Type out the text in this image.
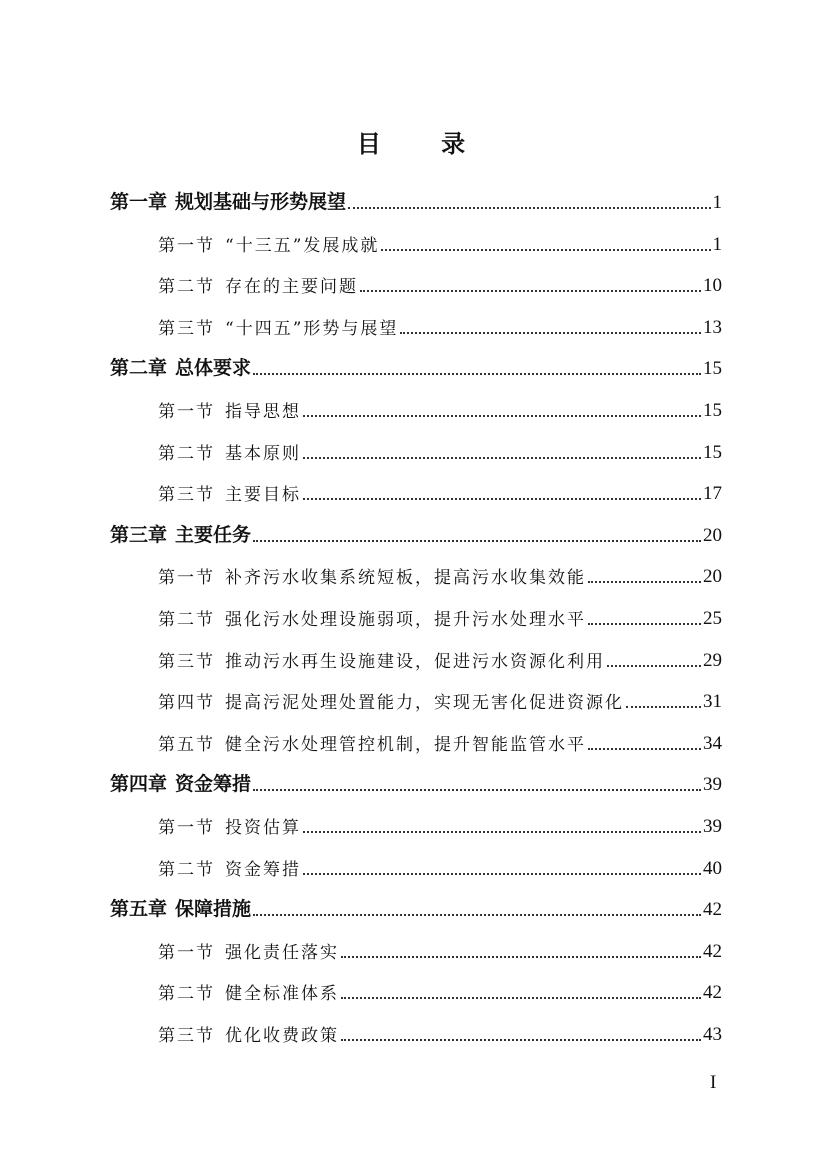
目 录
第一章 规划基础与形势展望	1
第一节 “十三五”发展成就	1
第二节 存在的主要问题	10
第三节 “十四五”形势与展望	13
第二章 总体要求	15
第一节 指导思想	15
第二节 基本原则	15
第三节 主要目标	17
第三章 主要任务	20
第一节 补齐污水收集系统短板，提高污水收集效能	20
第二节 强化污水处理设施弱项，提升污水处理水平	25
第三节 推动污水再生设施建设，促进污水资源化利用	29
第四节 提高污泥处理处置能力，实现无害化促进资源化	31
第五节 健全污水处理管控机制，提升智能监管水平	34
第四章 资金筹措	39
第一节 投资估算	39
第二节 资金筹措	40
第五章 保障措施	42
第一节 强化责任落实	42
第二节 健全标准体系	42
第三节 优化收费政策	43
I
